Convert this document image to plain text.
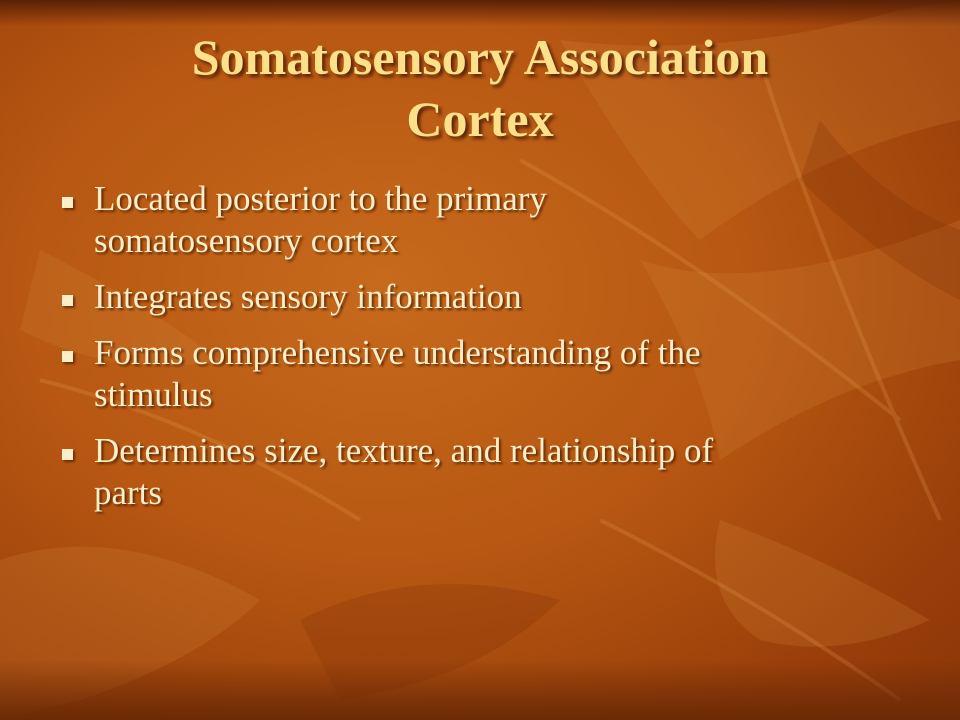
Somatosensory Association
Cortex
Located posterior to the primary
somatosensory cortex
Integrates sensory information
Forms comprehensive understanding of the
stimulus
Determines size, texture, and relationship of
parts
